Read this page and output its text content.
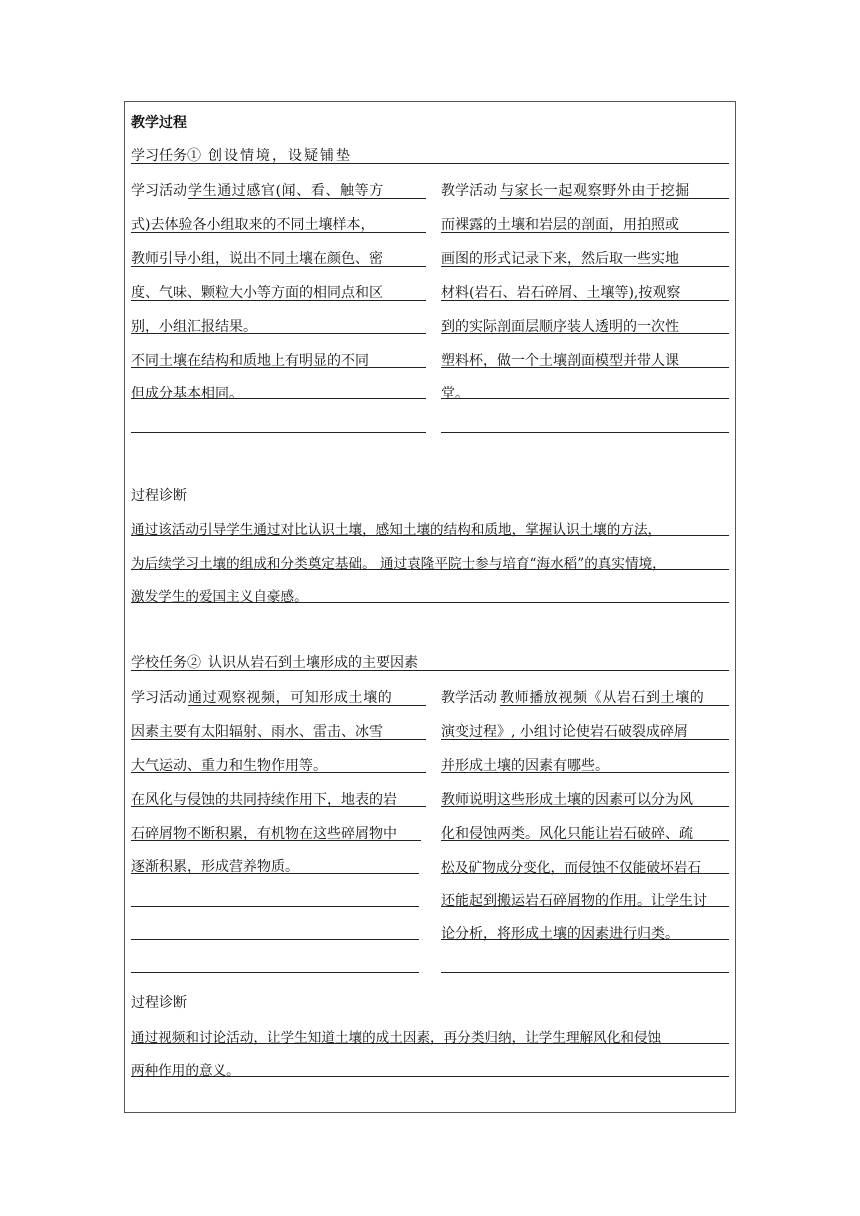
教学过程
学习任务① 创设情境，设疑铺垫
学习活动 学生通过感官(闻、看、触等方
式)去体验各小组取来的不同土壤样本，
教师引导小组，说出不同土壤在颜色、密
度、气味、颗粒大小等方面的相同点和区
别，小组汇报结果。
不同土壤在结构和质地上有明显的不同
但成分基本相同。
教学活动 与家长一起观察野外由于挖掘
而裸露的土壤和岩层的剖面，用拍照或
画图的形式记录下来，然后取一些实地
材料(岩石、岩石碎屑、土壤等),按观察
到的实际剖面层顺序装人透明的一次性
塑料杯，做一个土壤剖面模型并带人课
堂。
过程诊断
通过该活动引导学生通过对比认识土壤，感知土壤的结构和质地，掌握认识土壤的方法，
为后续学习土壤的组成和分类奠定基础。 通过袁隆平院士参与培育“海水稻”的真实情境，
激发学生的爱国主义自豪感。
学校任务② 认识从岩石到土壤形成的主要因素
学习活动 通过观察视频，可知形成土壤的
因素主要有太阳辐射、雨水、雷击、冰雪
大气运动、重力和生物作用等。
在风化与侵蚀的共同持续作用下，地表的岩
石碎屑物不断积累，有机物在这些碎屑物中
逐渐积累，形成营养物质。
教学活动 教师播放视频《从岩石到土壤的
演变过程》, 小组讨论使岩石破裂成碎屑
并形成土壤的因素有哪些。
教师说明这些形成土壤的因素可以分为风
化和侵蚀两类。风化只能让岩石破碎、疏
松及矿物成分变化，而侵蚀不仅能破坏岩石
还能起到搬运岩石碎屑物的作用。让学生讨
论分析，将形成土壤的因素进行归类。
过程诊断
通过视频和讨论活动，让学生知道土壤的成土因素，再分类归纳，让学生理解风化和侵蚀
两种作用的意义。
